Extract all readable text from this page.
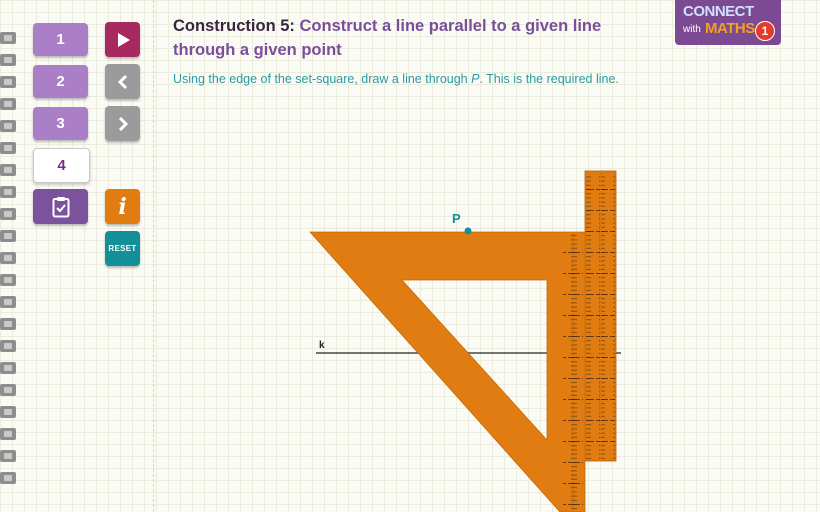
1
2
3
4
i
RESET
Construction 5: Construct a line parallel to a given line through a given point

Using the edge of the set-square, draw a line through P. This is the required line.

CONNECT
with MATHS 1
P
k
